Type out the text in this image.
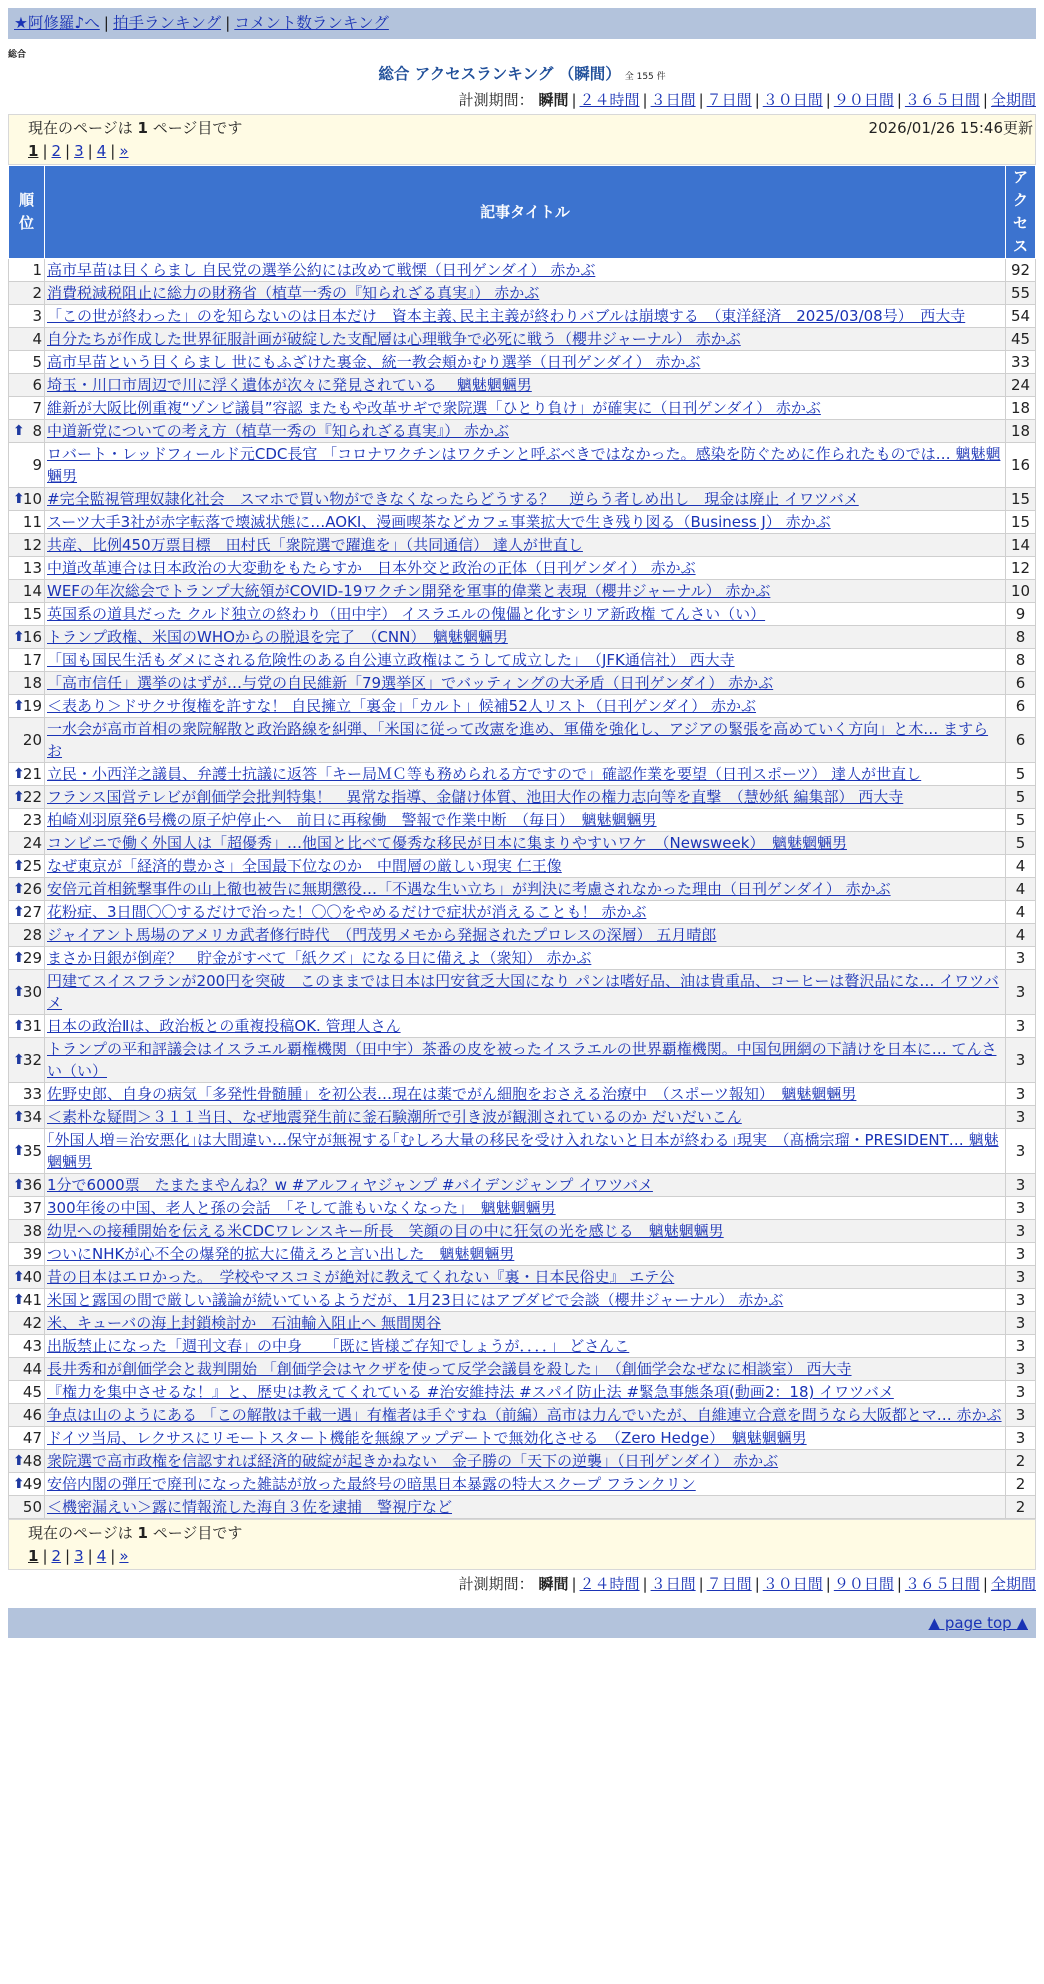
★阿修羅♪へ | 拍手ランキング | コメント数ランキング
総合
総合 アクセスランキング （瞬間） 全 155 件
計測期間： 瞬間 | ２４時間 | ３日間 | ７日間 | ３０日間 | ９０日間 | ３６５日間 | 全期間
現在のページは 1 ページ目です	2026/01/26 15:46更新
1 | 2 | 3 | 4 | »
順位	記事タイトル	アクセス
1	高市早苗は目くらまし 自民党の選挙公約には改めて戦慄（日刊ゲンダイ） 赤かぶ	92
2	消費税減税阻止に総力の財務省（植草一秀の『知られざる真実』） 赤かぶ	55
3	「この世が終わった」のを知らないのは日本だけ　資本主義､民主主義が終わりバブルは崩壊する　（東洋経済　2025/03/08号）　西大寺	54
4	自分たちが作成した世界征服計画が破綻した支配層は心理戦争で必死に戦う（櫻井ジャーナル） 赤かぶ	45
5	高市早苗という目くらまし 世にもふざけた裏金、統一教会頬かむり選挙（日刊ゲンダイ） 赤かぶ	33
6	埼玉・川口市周辺で川に浮く遺体が次々に発見されている　 魑魅魍魎男	24
7	維新が大阪比例重複“ゾンビ議員”容認 またもや改革サギで衆院選「ひとり負け」が確実に（日刊ゲンダイ） 赤かぶ	18

⬆ 8	中道新党についての考え方（植草一秀の『知られざる真実』） 赤かぶ	18
9	ロバート・レッドフィールド元CDC長官 「コロナワクチンはワクチンと呼ぶべきではなかった。感染を防ぐために作られたものでは… 魑魅魍魎男	16

⬆
10	#完全監視管理奴隷化社会　スマホで買い物ができなくなったらどうする？　逆らう者しめ出し　現金は廃止 イワツバメ	15
11	スーツ大手3社が赤字転落で壊滅状態に…AOKI、漫画喫茶などカフェ事業拡大で生き残り図る（Business J） 赤かぶ	15
12	共産、比例450万票目標　田村氏「衆院選で躍進を」（共同通信） 達人が世直し	14
13	中道改革連合は日本政治の大変動をもたらすか　日本外交と政治の正体（日刊ゲンダイ） 赤かぶ	12
14	WEFの年次総会でトランプ大統領がCOVID-19ワクチン開発を軍事的偉業と表現（櫻井ジャーナル） 赤かぶ	10
15	英国系の道具だった クルド独立の終わり（田中宇） イスラエルの傀儡と化すシリア新政権 てんさい（い）	9

⬆
16	トランプ政権、米国のWHOからの脱退を完了　（CNN）　魑魅魍魎男	8
17	「国も国民生活もダメにされる危険性のある自公連立政権はこうして成立した」　（JFK通信社） 西大寺	8
18	「高市信任」選挙のはずが…与党の自民維新「79選挙区」でバッティングの大矛盾（日刊ゲンダイ） 赤かぶ	6

⬆
19	＜表あり＞ドサクサ復権を許すな！ 自民擁立「裏金」「カルト」候補52人リスト（日刊ゲンダイ） 赤かぶ	6
20	一水会が高市首相の衆院解散と政治路線を糾弾、「米国に従って改憲を進め、軍備を強化し、アジアの緊張を高めていく方向」と木… ますらお	6

⬆
21	立民・小西洋之議員、弁護士抗議に返答「キー局ＭＣ等も務められる方ですので」確認作業を要望（日刊スポーツ） 達人が世直し	5

⬆
22	フランス国営テレビが創価学会批判特集！　異常な指導、金儲け体質、池田大作の権力志向等を直撃　（慧妙紙 編集部） 西大寺	5
23	柏崎刈羽原発6号機の原子炉停止へ　前日に再稼働　警報で作業中断　（毎日）　魑魅魍魎男	5
24	コンビニで働く外国人は「超優秀」…他国と比べて優秀な移民が日本に集まりやすいワケ　（Newsweek）　魑魅魍魎男	5

⬆
25	なぜ東京が「経済的豊かさ」全国最下位なのか　中間層の厳しい現実 仁王像	4

⬆
26	安倍元首相銃撃事件の山上徹也被告に無期懲役…「不遇な生い立ち」が判決に考慮されなかった理由（日刊ゲンダイ） 赤かぶ	4

⬆
27	花粉症、3日間〇〇するだけで治った！〇〇をやめるだけで症状が消えることも！ 赤かぶ	4
28	ジャイアント馬場のアメリカ武者修行時代　（門茂男メモから発掘されたプロレスの深層） 五月晴郎	4

⬆
29	まさか日銀が倒産？　貯金がすべて「紙クズ」になる日に備えよ（衆知） 赤かぶ	3

⬆
30	円建てスイスフランが200円を突破　このままでは日本は円安貧乏大国になり パンは嗜好品、油は貴重品、コーヒーは贅沢品にな… イワツバメ	3

⬆
31	日本の政治Ⅱは、政治板との重複投稿OK. 管理人さん	3

⬆
32	トランプの平和評議会はイスラエル覇権機関（田中宇）茶番の皮を被ったイスラエルの世界覇権機関。中国包囲網の下請けを日本に… てんさい（い）	3
33	佐野史郎、自身の病気「多発性骨髄腫」を初公表…現在は薬でがん細胞をおさえる治療中　（スポーツ報知）　魑魅魍魎男	3

⬆
34	＜素朴な疑問＞３１１当日、なぜ地震発生前に釜石験潮所で引き波が観測されているのか だいだいこん	3

⬆
35	｢外国人増＝治安悪化｣は大間違い…保守が無視する｢むしろ大量の移民を受け入れないと日本が終わる｣現実　（髙橋宗瑠・PRESIDENT… 魑魅魍魎男	3

⬆
36	1分で6000票　たまたまやんね？w #アルフィヤジャンプ #バイデンジャンプ イワツバメ	3
37	300年後の中国、老人と孫の会話　「そして誰もいなくなった」　魑魅魍魎男	3
38	幼児への接種開始を伝える米CDCワレンスキー所長　笑顔の目の中に狂気の光を感じる　魑魅魍魎男	3
39	ついにNHKが心不全の爆発的拡大に備えろと言い出した　魑魅魍魎男	3

⬆
40	昔の日本はエロかった。　学校やマスコミが絶対に教えてくれない『裏・日本民俗史』 エテ公	3

⬆
41	米国と露国の間で厳しい議論が続いているようだが、1月23日にはアブダビで会談（櫻井ジャーナル） 赤かぶ	3
42	米、キューバの海上封鎖検討か　石油輸入阻止へ 無間関谷	3
43	出版禁止になった「週刊文春」の中身　　「既に皆様ご存知でしょうが．．．．」 どさんこ	3
44	長井秀和が創価学会と裁判開始 「創価学会はヤクザを使って反学会議員を殺した」　（創価学会なぜなに相談室） 西大寺	3
45	『権力を集中させるな！』と、歴史は教えてくれている #治安維持法 #スパイ防止法 #緊急事態条項(動画2：18) イワツバメ	3
46	争点は山のようにある 「この解散は千載一遇」有権者は手ぐすね（前編）高市は力んでいたが、自維連立合意を問うなら大阪都とマ… 赤かぶ	3
47	ドイツ当局、レクサスにリモートスタート機能を無線アップデートで無効化させる　（Zero Hedge）　魑魅魍魎男	3

⬆
48	衆院選で高市政権を信認すれば経済的破綻が起きかねない　金子勝の「天下の逆襲」（日刊ゲンダイ） 赤かぶ	2

⬆
49	安倍内閣の弾圧で廃刊になった雑誌が放った最終号の暗黒日本暴露の特大スクープ フランクリン	2
50	＜機密漏えい＞露に情報流した海自３佐を逮捕　警視庁など	2
現在のページは 1 ページ目です
1 | 2 | 3 | 4 | »
計測期間： 瞬間 | ２４時間 | ３日間 | ７日間 | ３０日間 | ９０日間 | ３６５日間 | 全期間
▲ page top ▲
